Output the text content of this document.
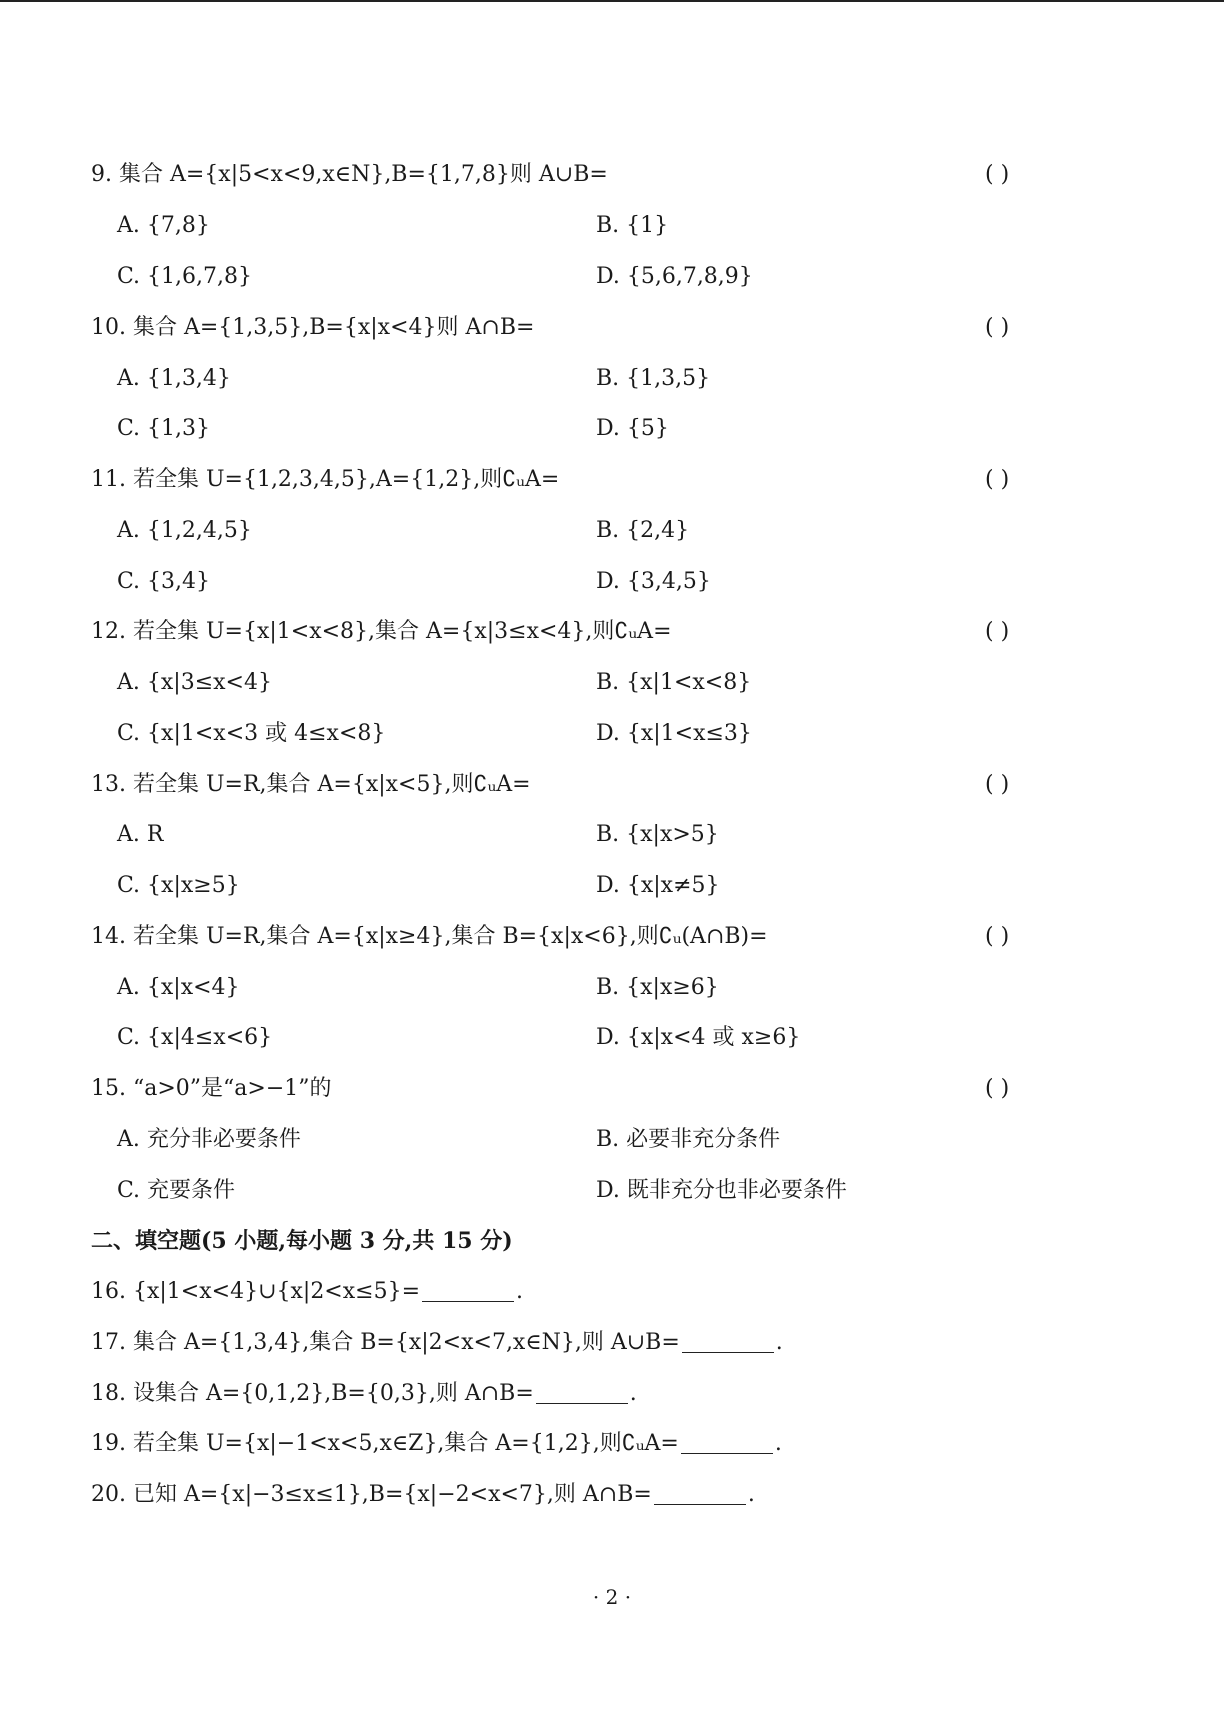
9. 集合 A={x|5<x<9,x∈N},B={1,7,8}则 A∪B=	( )
A. {7,8}	B. {1}
C. {1,6,7,8}	D. {5,6,7,8,9}
10. 集合 A={1,3,5},B={x|x<4}则 A∩B=	( )
A. {1,3,4}	B. {1,3,5}
C. {1,3}	D. {5}
11. 若全集 U={1,2,3,4,5},A={1,2},则∁ᵤA=	( )
A. {1,2,4,5}	B. {2,4}
C. {3,4}	D. {3,4,5}
12. 若全集 U={x|1<x<8},集合 A={x|3≤x<4},则∁ᵤA=	( )
A. {x|3≤x<4}	B. {x|1<x<8}
C. {x|1<x<3 或 4≤x<8}	D. {x|1<x≤3}
13. 若全集 U=R,集合 A={x|x<5},则∁ᵤA=	( )
A. R	B. {x|x>5}
C. {x|x≥5}	D. {x|x≠5}
14. 若全集 U=R,集合 A={x|x≥4},集合 B={x|x<6},则∁ᵤ(A∩B)=	( )
A. {x|x<4}	B. {x|x≥6}
C. {x|4≤x<6}	D. {x|x<4 或 x≥6}
15. “a>0”是“a>−1”的	( )
A. 充分非必要条件	B. 必要非充分条件
C. 充要条件	D. 既非充分也非必要条件
二、填空题(5 小题,每小题 3 分,共 15 分)
16. {x|1<x<4}∪{x|2<x≤5}=	.
17. 集合 A={1,3,4},集合 B={x|2<x<7,x∈N},则 A∪B=	.
18. 设集合 A={0,1,2},B={0,3},则 A∩B=	.
19. 若全集 U={x|−1<x<5,x∈Z},集合 A={1,2},则∁ᵤA=	.
20. 已知 A={x|−3≤x≤1},B={x|−2<x<7},则 A∩B=	.
· 2 ·
